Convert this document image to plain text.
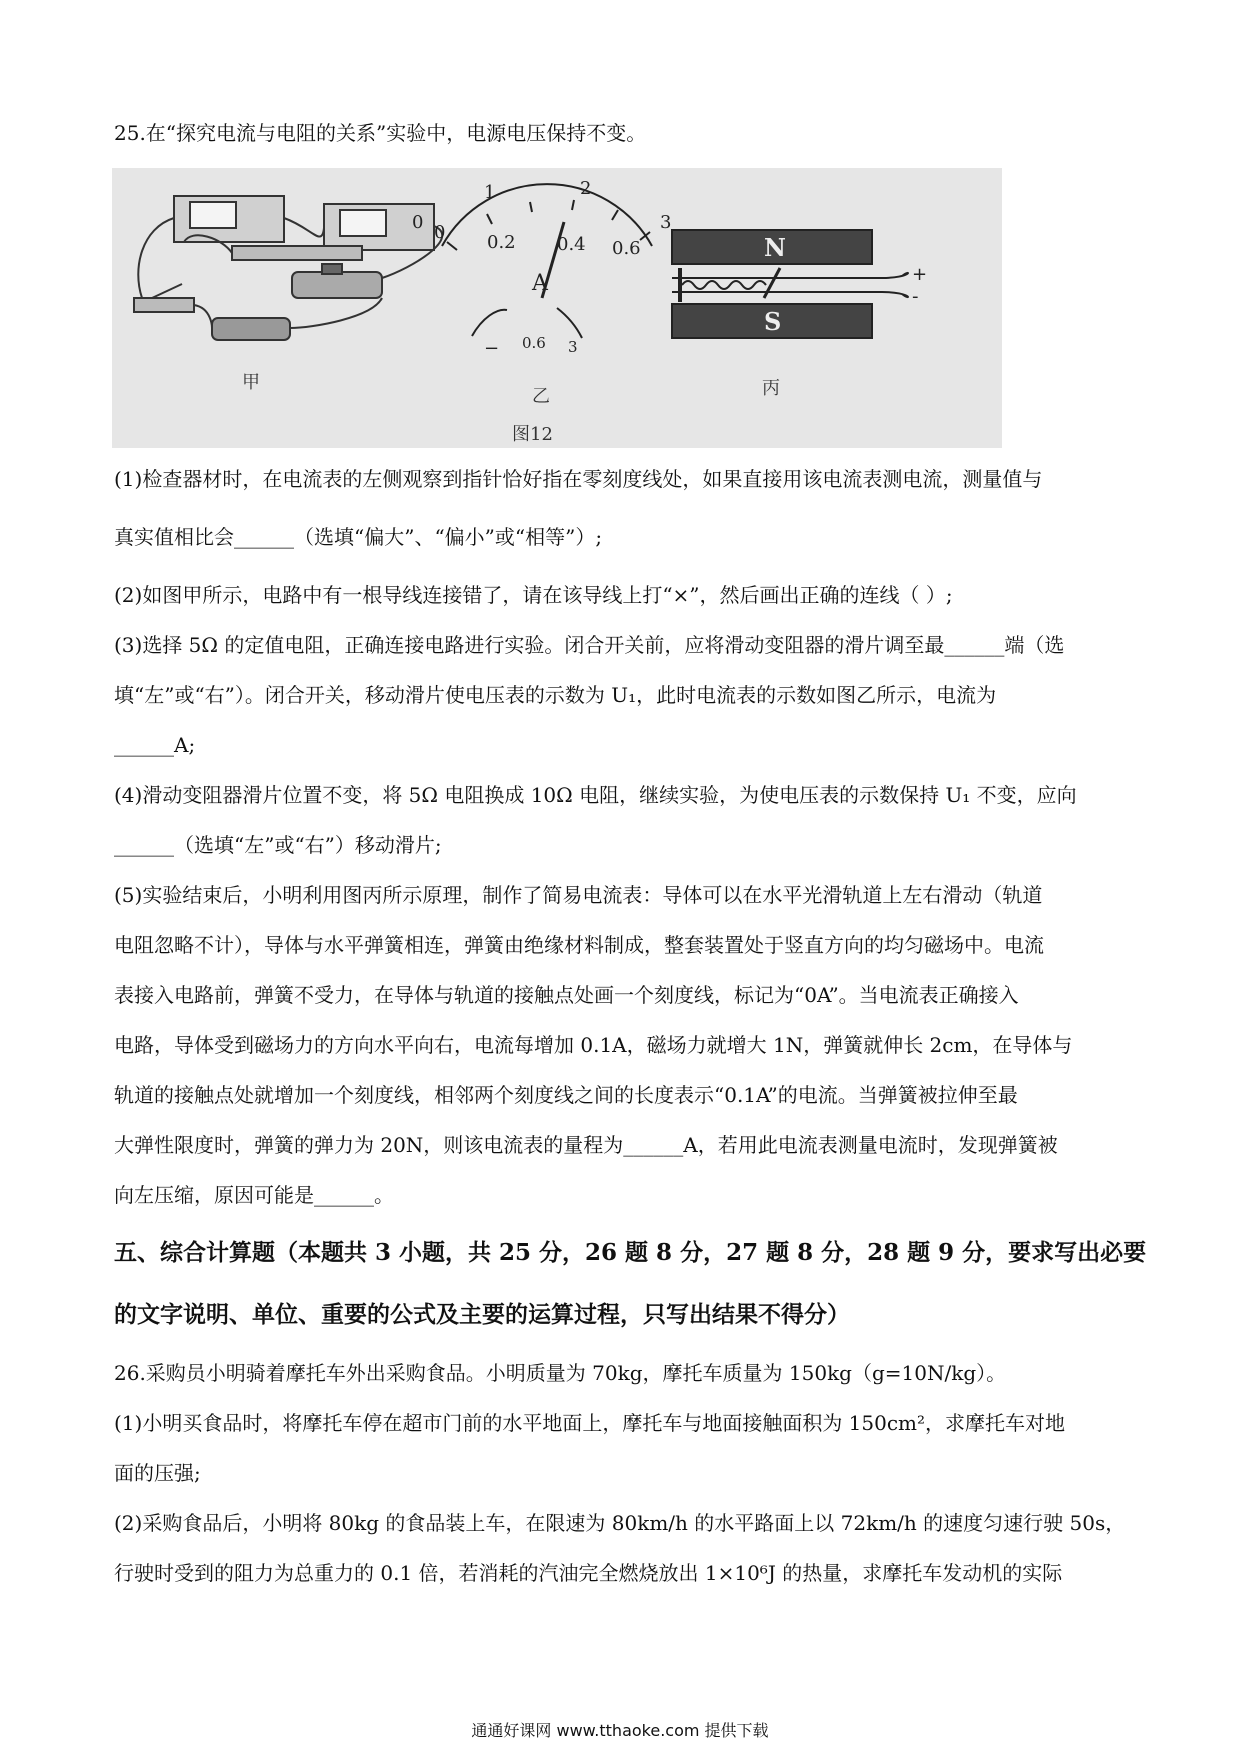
25.在“探究电流与电阻的关系”实验中，电源电压保持不变。
0 0.2 0.4 0.6
0
1	2
3
A
− 0.6 3
N
S
+
-
甲
乙	丙
图12
(1)检查器材时，在电流表的左侧观察到指针恰好指在零刻度线处，如果直接用该电流表测电流，测量值与
真实值相比会______（选填“偏大”、“偏小”或“相等”）;
(2)如图甲所示，电路中有一根导线连接错了，请在该导线上打“×”，然后画出正确的连线（ ）;
(3)选择 5Ω 的定值电阻，正确连接电路进行实验。闭合开关前，应将滑动变阻器的滑片调至最______端（选
填“左”或“右”）。闭合开关，移动滑片使电压表的示数为 U₁，此时电流表的示数如图乙所示，电流为
______A;
(4)滑动变阻器滑片位置不变，将 5Ω 电阻换成 10Ω 电阻，继续实验，为使电压表的示数保持 U₁ 不变，应向
______（选填“左”或“右”）移动滑片;
(5)实验结束后，小明利用图丙所示原理，制作了简易电流表：导体可以在水平光滑轨道上左右滑动（轨道
电阻忽略不计），导体与水平弹簧相连，弹簧由绝缘材料制成，整套装置处于竖直方向的均匀磁场中。电流
表接入电路前，弹簧不受力，在导体与轨道的接触点处画一个刻度线，标记为“0A”。当电流表正确接入
电路，导体受到磁场力的方向水平向右，电流每增加 0.1A，磁场力就增大 1N，弹簧就伸长 2cm，在导体与
轨道的接触点处就增加一个刻度线，相邻两个刻度线之间的长度表示“0.1A”的电流。当弹簧被拉伸至最
大弹性限度时，弹簧的弹力为 20N，则该电流表的量程为______A，若用此电流表测量电流时，发现弹簧被
向左压缩，原因可能是______。
五、综合计算题（本题共 3 小题，共 25 分，26 题 8 分，27 题 8 分，28 题 9 分，要求写出必要
的文字说明、单位、重要的公式及主要的运算过程，只写出结果不得分）
26.采购员小明骑着摩托车外出采购食品。小明质量为 70kg，摩托车质量为 150kg（g=10N/kg）。
(1)小明买食品时，将摩托车停在超市门前的水平地面上，摩托车与地面接触面积为 150cm²，求摩托车对地
面的压强;
(2)采购食品后，小明将 80kg 的食品装上车，在限速为 80km/h 的水平路面上以 72km/h 的速度匀速行驶 50s，
行驶时受到的阻力为总重力的 0.1 倍，若消耗的汽油完全燃烧放出 1×10⁶J 的热量，求摩托车发动机的实际
通通好课网 www.tthaoke.com 提供下载
